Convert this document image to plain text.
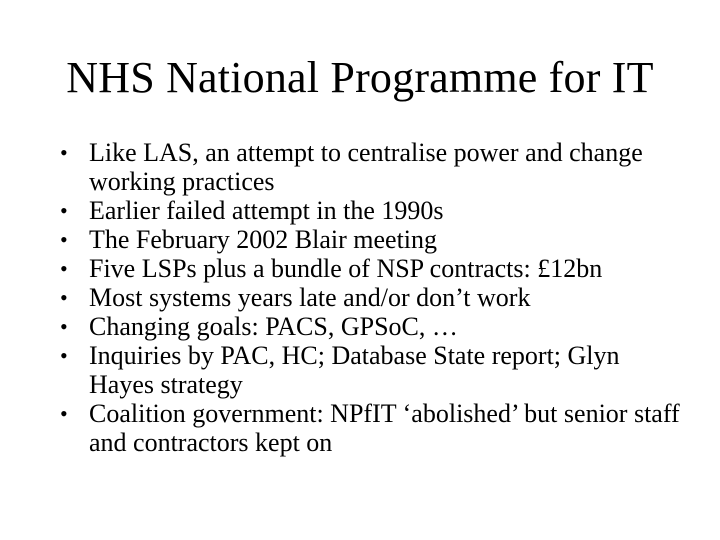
NHS National Programme for IT
• Like LAS, an attempt to centralise power and change working practices
• Earlier failed attempt in the 1990s
• The February 2002 Blair meeting
• Five LSPs plus a bundle of NSP contracts: £12bn
• Most systems years late and/or don’t work
• Changing goals: PACS, GPSoC, …
• Inquiries by PAC, HC; Database State report; Glyn Hayes strategy
• Coalition government: NPfIT ‘abolished’ but senior staff and contractors kept on
